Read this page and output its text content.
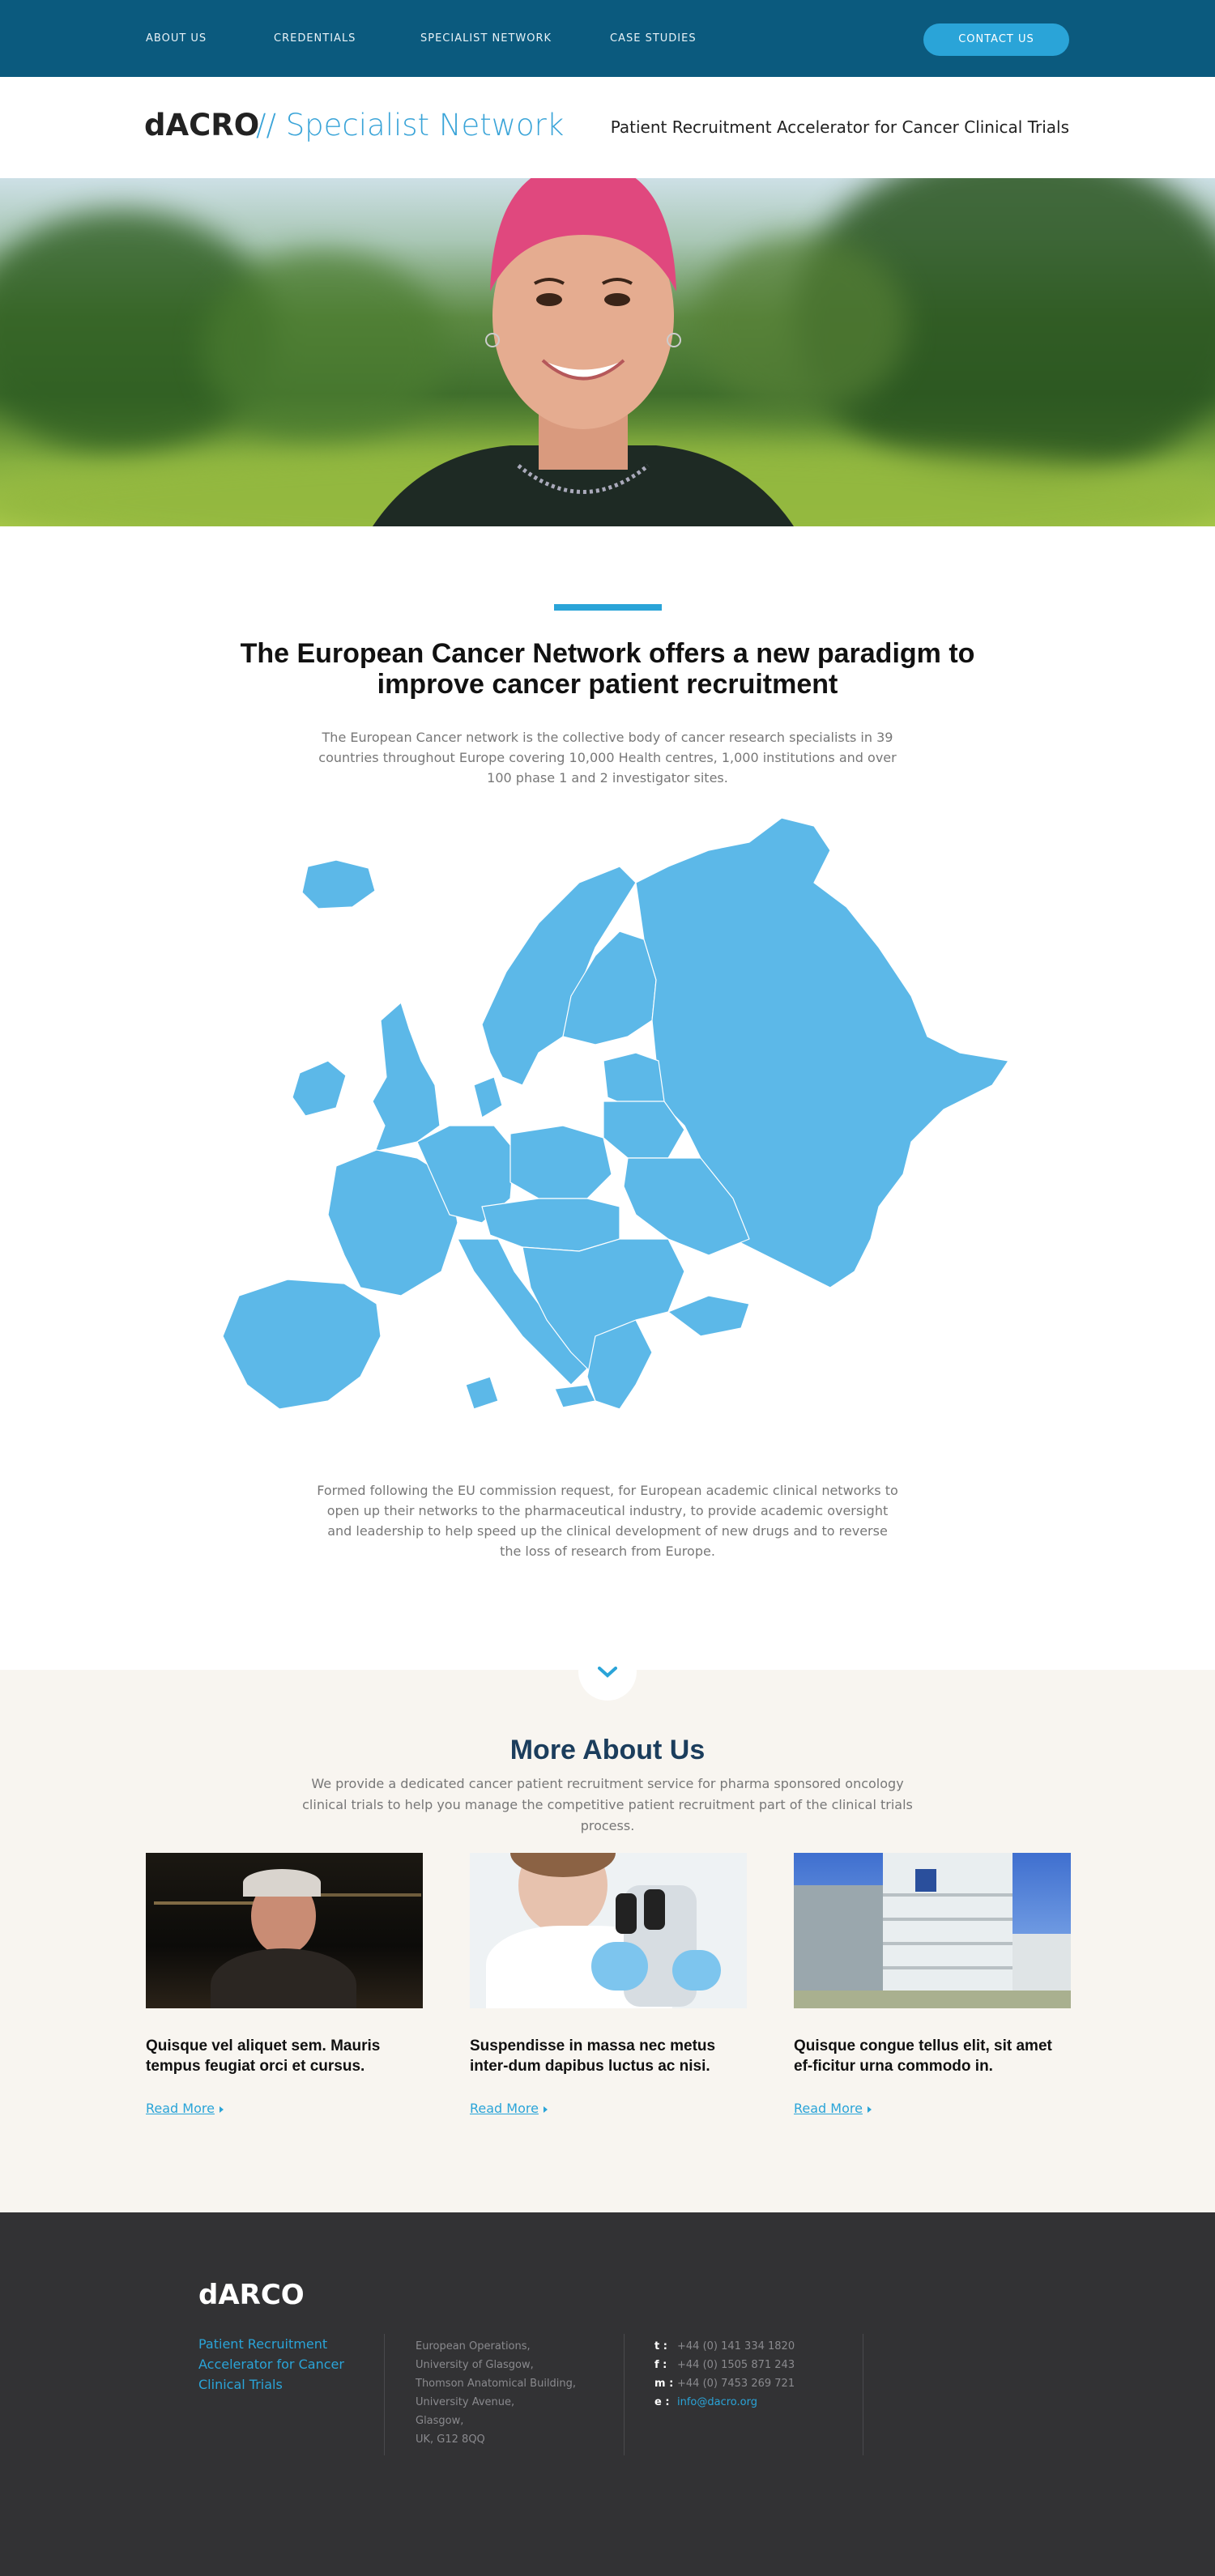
ABOUT US	CREDENTIALS	SPECIALIST NETWORK	CASE STUDIES	CONTACT US
dACRO
// Specialist Network	Patient Recruitment Accelerator for Cancer Clinical Trials
The European Cancer Network offers a new paradigm to improve cancer patient recruitment
The European Cancer network is the collective body of cancer research specialists in 39 countries throughout Europe covering 10,000 Health centres, 1,000 institutions and over 100 phase 1 and 2 investigator sites.
Formed following the EU commission request, for European academic clinical networks to open up their networks to the pharmaceutical industry, to provide academic oversight and leadership to help speed up the clinical development of new drugs and to reverse the loss of research from Europe.
More About Us
We provide a dedicated cancer patient recruitment service for pharma sponsored oncology clinical trials to help you manage the competitive patient recruitment part of the clinical trials process.
Quisque vel aliquet sem. Mauris tempus feugiat orci et cursus.
Read More
Suspendisse in massa nec metus inter-dum dapibus luctus ac nisi.
Read More
Quisque congue tellus elit, sit amet ef-ficitur urna commodo in.
Read More
dARCO
Patient Recruitment Accelerator for Cancer Clinical Trials
European Operations,
University of Glasgow,
Thomson Anatomical Building,
University Avenue,
Glasgow,
UK, G12 8QQ
t : +44 (0) 141 334 1820
f : +44 (0) 1505 871 243
m : +44 (0) 7453 269 721
e : info@dacro.org
